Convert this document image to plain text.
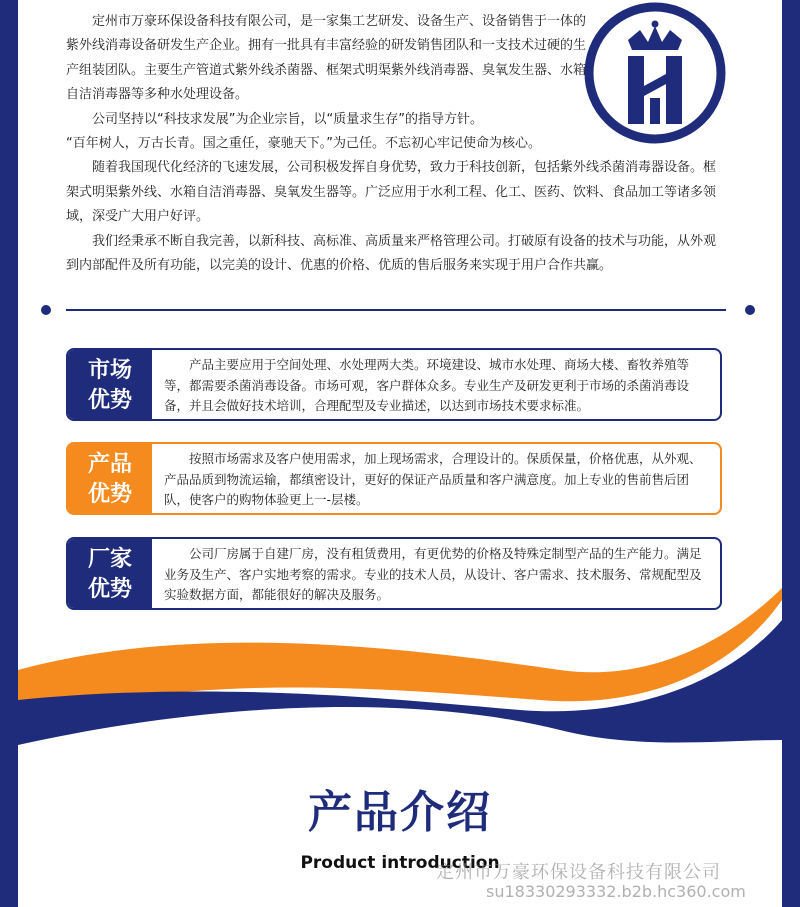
定州市万豪环保设备科技有限公司，是一家集工艺研发、设备生产、设备销售于一体的紫外线消毒设备研发生产企业。拥有一批具有丰富经验的研发销售团队和一支技术过硬的生产组装团队。主要生产管道式紫外线杀菌器、框架式明渠紫外线消毒器、臭氧发生器、水箱自洁消毒器等多种水处理设备。

公司坚持以“科技求发展”为企业宗旨，以“质量求生存”的指导方针。

“百年树人，万古长青。国之重任，豪驰天下。”为己任。不忘初心牢记使命为核心。

随着我国现代化经济的飞速发展，公司积极发挥自身优势，致力于科技创新，包括紫外线杀菌消毒器设备。框架式明渠紫外线、水箱自洁消毒器、臭氧发生器等。广泛应用于水利工程、化工、医药、饮料、食品加工等诸多领域，深受广大用户好评。

我们经秉承不断自我完善，以新科技、高标准、高质量来严格管理公司。打破原有设备的技术与功能，从外观到内部配件及所有功能，以完美的设计、优惠的价格、优质的售后服务来实现于用户合作共赢。

市场
优势
产品主要应用于空间处理、水处理两大类。环境建设、城市水处理、商场大楼、畜牧养殖等等，都需要杀菌消毒设备。市场可观，客户群体众多。专业生产及研发更利于市场的杀菌消毒设备，并且会做好技术培训，合理配型及专业描述，以达到市场技术要求标准。
产品
优势
按照市场需求及客户使用需求，加上现场需求，合理设计的。保质保量，价格优惠，从外观、产品品质到物流运输，都缜密设计，更好的保证产品质量和客户满意度。加上专业的售前售后团队，使客户的购物体验更上一-层楼。
厂家
优势
公司厂房属于自建厂房，没有租赁费用，有更优势的价格及特殊定制型产品的生产能力。满足业务及生产、客户实地考察的需求。专业的技术人员，从设计、客户需求、技术服务、常规配型及实验数据方面，都能很好的解决及服务。
产品介绍
Product introduction
定州市万豪环保设备科技有限公司
su18330293332.b2b.hc360.com
